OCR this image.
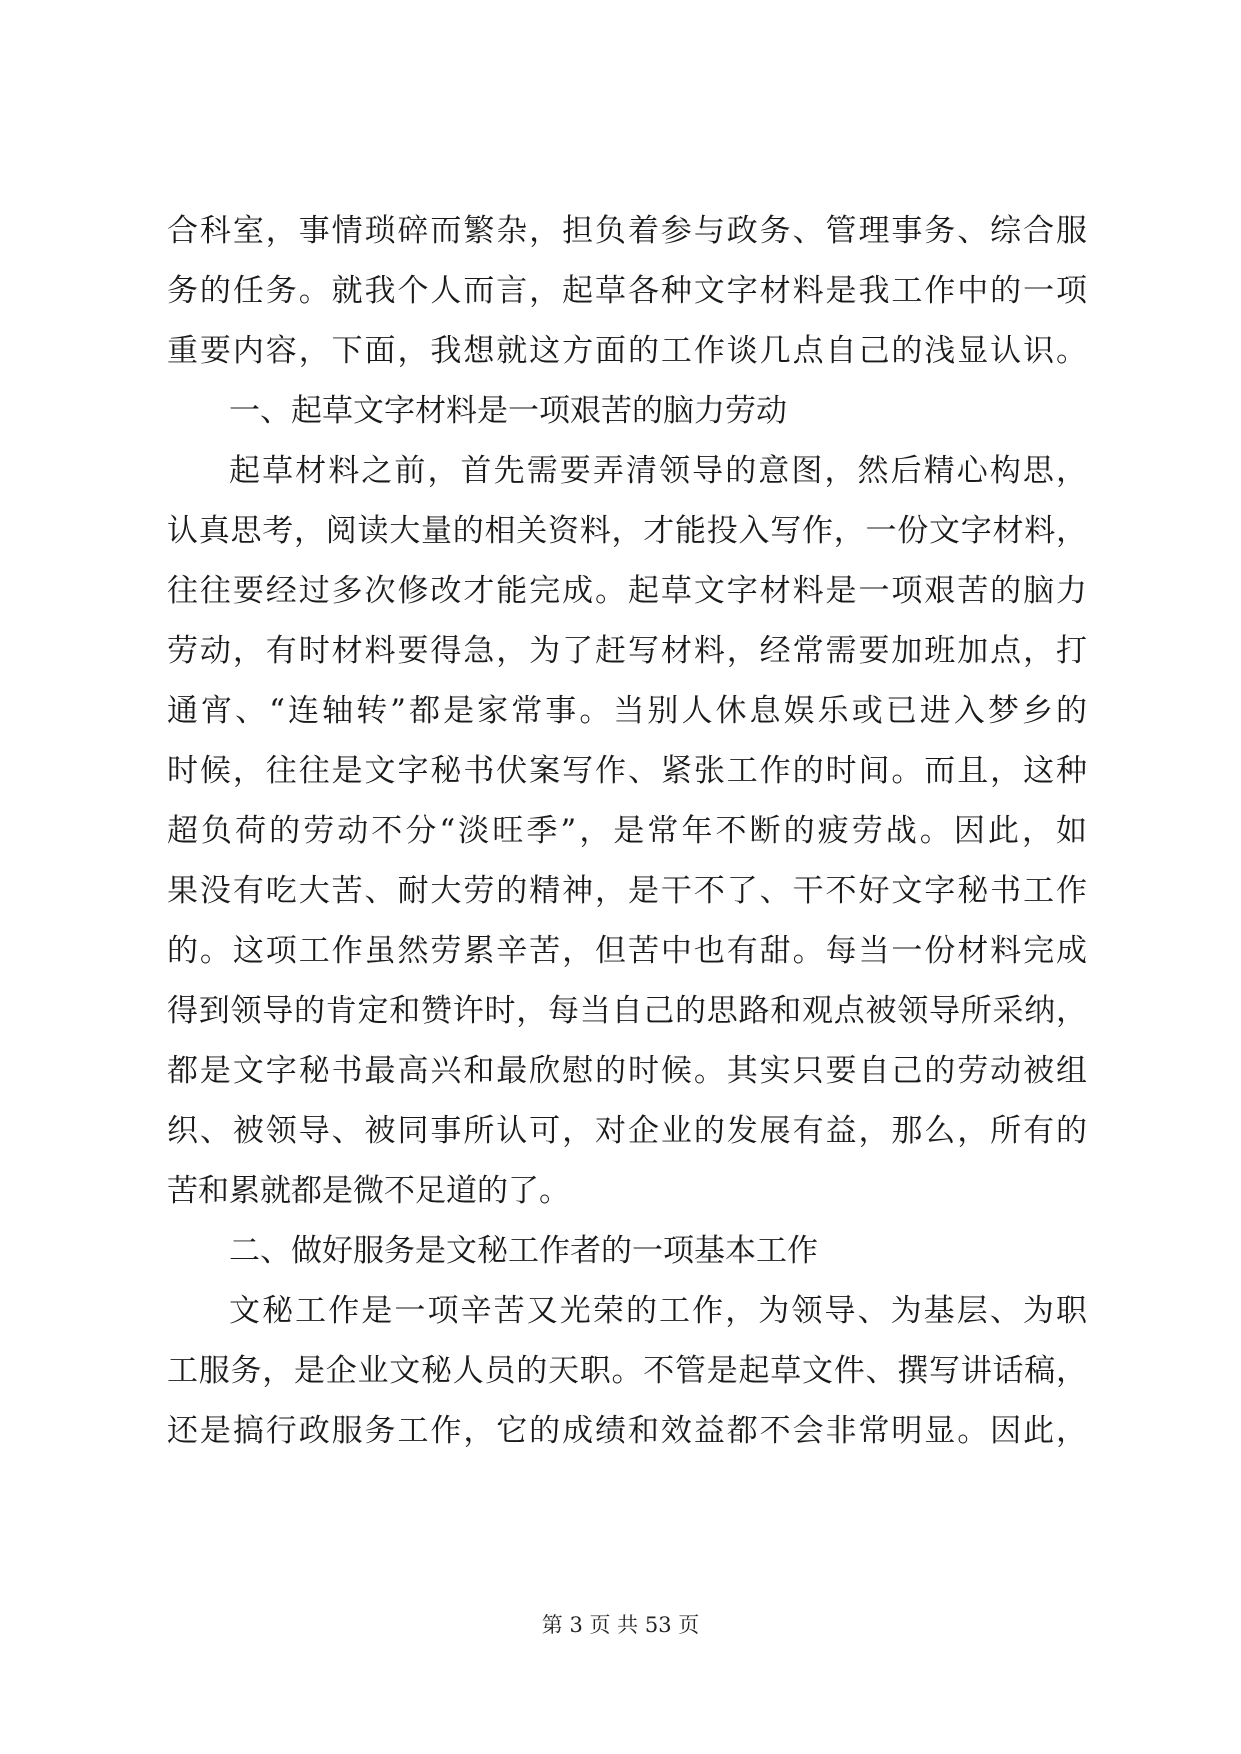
合科室，事情琐碎而繁杂，担负着参与政务、管理事务、综合服
务的任务。就我个人而言，起草各种文字材料是我工作中的一项
重要内容，下面，我想就这方面的工作谈几点自己的浅显认识。
一、起草文字材料是一项艰苦的脑力劳动
起草材料之前，首先需要弄清领导的意图，然后精心构思，
认真思考，阅读大量的相关资料，才能投入写作，一份文字材料，
往往要经过多次修改才能完成。起草文字材料是一项艰苦的脑力
劳动，有时材料要得急，为了赶写材料，经常需要加班加点，打
通宵、“连轴转”都是家常事。当别人休息娱乐或已进入梦乡的
时候，往往是文字秘书伏案写作、紧张工作的时间。而且，这种
超负荷的劳动不分“淡旺季”，是常年不断的疲劳战。因此，如
果没有吃大苦、耐大劳的精神，是干不了、干不好文字秘书工作
的。这项工作虽然劳累辛苦，但苦中也有甜。每当一份材料完成
得到领导的肯定和赞许时，每当自己的思路和观点被领导所采纳，
都是文字秘书最高兴和最欣慰的时候。其实只要自己的劳动被组
织、被领导、被同事所认可，对企业的发展有益，那么，所有的
苦和累就都是微不足道的了。
二、做好服务是文秘工作者的一项基本工作
文秘工作是一项辛苦又光荣的工作，为领导、为基层、为职
工服务，是企业文秘人员的天职。不管是起草文件、撰写讲话稿，
还是搞行政服务工作，它的成绩和效益都不会非常明显。因此，
第 3 页 共 53 页
